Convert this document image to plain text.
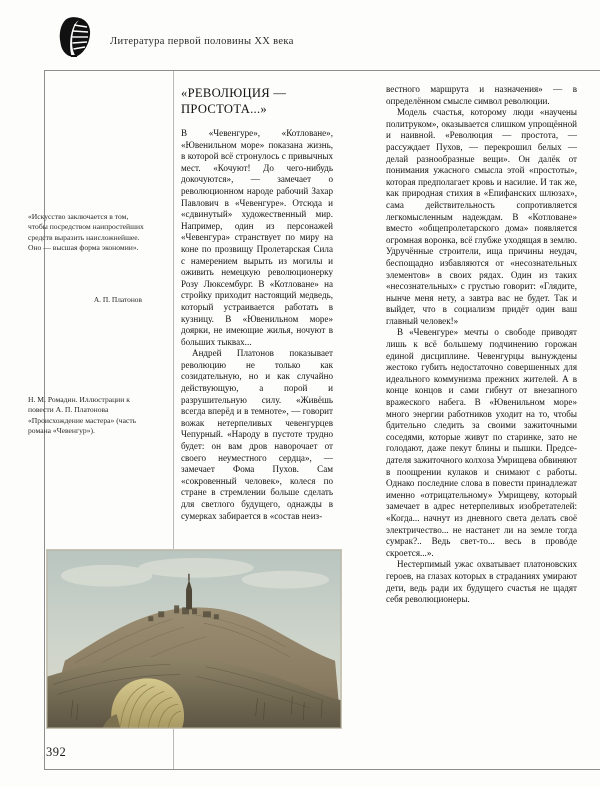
Литература первой половины XX века
«Искусство заключается в том, чтобы посредством наипростейших средств выразить наисложнейшее. Оно — высшая форма экономии».
А. П. Платонов
Н. М. Ромадин. Иллюстрации к повести А. П. Платонова «Происхождение мастера» (часть романа «Чевенгур»).
«РЕВОЛЮЦИЯ — ПРОСТОТА...»

В «Чевенгуре», «Котловане», «Ювенильном море» показана жизнь, в которой всё стронулось с привычных мест. «Кочуют! До чего-нибудь докочуются», — замечает о революционном народе рабочий Захар Павлович в «Чевенгуре». Отсюда и «сдвинутый» художественный мир. Например, один из персонажей «Чевенгура» странствует по миру на коне по прозвищу Пролетарская Сила с намерением вырыть из могилы и оживить немецкую революционерку Розу Люксембург. В «Котловане» на стройку приходит настоящий медведь, который устраивается работать в кузницу. В «Ювенильном море» доярки, не имеющие жилья, ночуют в больших тыквах...

Андрей Платонов показывает революцию не только как созидательную, но и как случайно действующую, а порой и разрушительную силу. «Живёшь всегда вперёд и в темноте», — говорит вожак нетерпеливых чевенгурцев Чепурный. «Народу в пустоте трудно будет: он вам дров наворочает от своего неуместного сердца», — замечает Фома Пухов. Сам «сокровенный человек», колеся по стране в стремлении больше сделать для светлого будущего, однажды в сумерках забирается в «состав неиз-

вестного маршрута и назначения» — в определённом смысле символ революции.

Модель счастья, которому люди «научены политруком», оказывается слишком упрощённой и наивной. «Революция — простота, — рассуждает Пухов, — перекрошил белых — делай разнообразные вещи». Он далёк от понимания ужасного смысла этой «простоты», которая предполагает кровь и насилие. И так же, как природная стихия в «Епифанских шлюзах», сама действительность сопротивляется легкомысленным надеждам. В «Котловане» вместо «общепролетарского дома» появляется огромная воронка, всё глубже уходящая в землю. Удручённые строители, ища причины неудач, беспощадно избавляются от «несознательных элементов» в своих рядах. Один из таких «несознательных» с грустью говорит: «Глядите, нынче меня нету, а завтра вас не будет. Так и выйдет, что в социализм придёт один ваш главный человек!»

В «Чевенгуре» мечты о свободе приводят лишь к всё большему подчинению горожан единой дисциплине. Чевенгурцы вынуждены жестоко губить недостаточно совершенных для идеального коммунизма прежних жителей. А в конце концов и сами гибнут от внезапного вражеского набега. В «Ювенильном море» много энергии работников уходит на то, чтобы бдительно следить за своими зажиточными соседями, которые живут по старинке, зато не голодают, даже пекут блины и пышки. Предсе-дателя зажиточного колхоза Умрищева обвиняют в поощрении кулаков и снимают с работы. Однако последние слова в повести принадлежат именно «отрицательному» Умрищеву, который замечает в адрес нетерпеливых изобретателей: «Когда... начнут из дневного света делать своё электричество... не настанет ли на земле тогда сумрак?.. Ведь свет-то... весь в провóде скроется...».

Нестерпимый ужас охватывает платоновских героев, на глазах которых в страданиях умирают дети, ведь ради их будущего счастья не щадят себя революционеры.

392
